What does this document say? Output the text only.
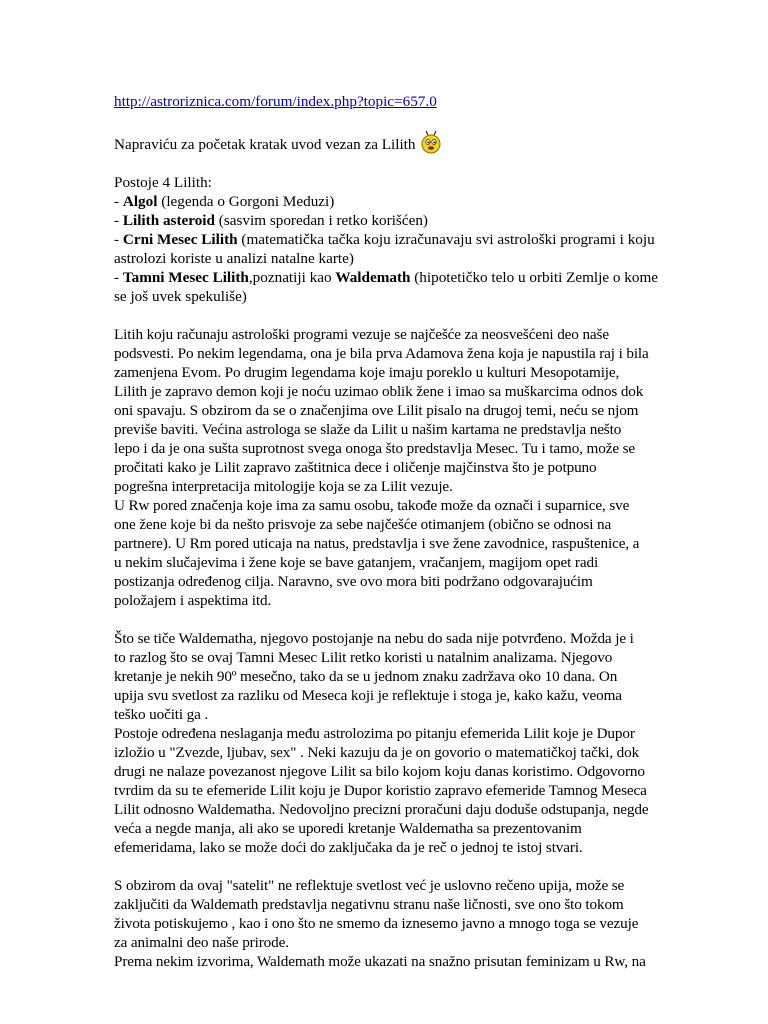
http://astroriznica.com/forum/index.php?topic=657.0

Napraviću za početak kratak uvod vezan za Lilith

Postoje 4 Lilith:
- Algol (legenda o Gorgoni Meduzi)
- Lilith asteroid (sasvim sporedan i retko korišćen)
- Crni Mesec Lilith (matematička tačka koju izračunavaju svi astrološki programi i koju
astrolozi koriste u analizi natalne karte)
- Tamni Mesec Lilith,poznatiji kao Waldemath (hipotetičko telo u orbiti Zemlje o kome
se još uvek spekuliše)
Litih koju računaju astrološki programi vezuje se najčešće za neosvešćeni deo naše
podsvesti. Po nekim legendama, ona je bila prva Adamova žena koja je napustila raj i bila
zamenjena Evom. Po drugim legendama koje imaju poreklo u kulturi Mesopotamije,
Lilith je zapravo demon koji je noću uzimao oblik žene i imao sa muškarcima odnos dok
oni spavaju. S obzirom da se o značenjima ove Lilit pisalo na drugoj temi, neću se njom
previše baviti. Većina astrologa se slaže da Lilit u našim kartama ne predstavlja nešto
lepo i da je ona sušta suprotnost svega onoga što predstavlja Mesec. Tu i tamo, može se
pročitati kako je Lilit zapravo zaštitnica dece i oličenje majčinstva što je potpuno
pogrešna interpretacija mitologije koja se za Lilit vezuje.
U Rw pored značenja koje ima za samu osobu, takođe može da označi i suparnice, sve
one žene koje bi da nešto prisvoje za sebe najčešće otimanjem (obično se odnosi na
partnere). U Rm pored uticaja na natus, predstavlja i sve žene zavodnice, raspuštenice, a
u nekim slučajevima i žene koje se bave gatanjem, vračanjem, magijom opet radi
postizanja određenog cilja. Naravno, sve ovo mora biti podržano odgovarajućim
položajem i aspektima itd.
Što se tiče Waldematha, njegovo postojanje na nebu do sada nije potvrđeno. Možda je i
to razlog što se ovaj Tamni Mesec Lilit retko koristi u natalnim analizama. Njegovo
kretanje je nekih 90º mesečno, tako da se u jednom znaku zadržava oko 10 dana. On
upija svu svetlost za razliku od Meseca koji je reflektuje i stoga je, kako kažu, veoma
teško uočiti ga .
Postoje određena neslaganja među astrolozima po pitanju efemerida Lilit koje je Dupor
izložio u "Zvezde, ljubav, sex" . Neki kazuju da je on govorio o matematičkoj tački, dok
drugi ne nalaze povezanost njegove Lilit sa bilo kojom koju danas koristimo. Odgovorno
tvrdim da su te efemeride Lilit koju je Dupor koristio zapravo efemeride Tamnog Meseca
Lilit odnosno Waldematha. Nedovoljno precizni proračuni daju doduše odstupanja, negde
veća a negde manja, ali ako se uporedi kretanje Waldematha sa prezentovanim
efemeridama, lako se može doći do zaključaka da je reč o jednoj te istoj stvari.
S obzirom da ovaj "satelit" ne reflektuje svetlost već je uslovno rečeno upija, može se
zaključiti da Waldemath predstavlja negativnu stranu naše ličnosti, sve ono što tokom
života potiskujemo , kao i ono što ne smemo da iznesemo javno a mnogo toga se vezuje
za animalni deo naše prirode.
Prema nekim izvorima, Waldemath može ukazati na snažno prisutan feminizam u Rw, na
